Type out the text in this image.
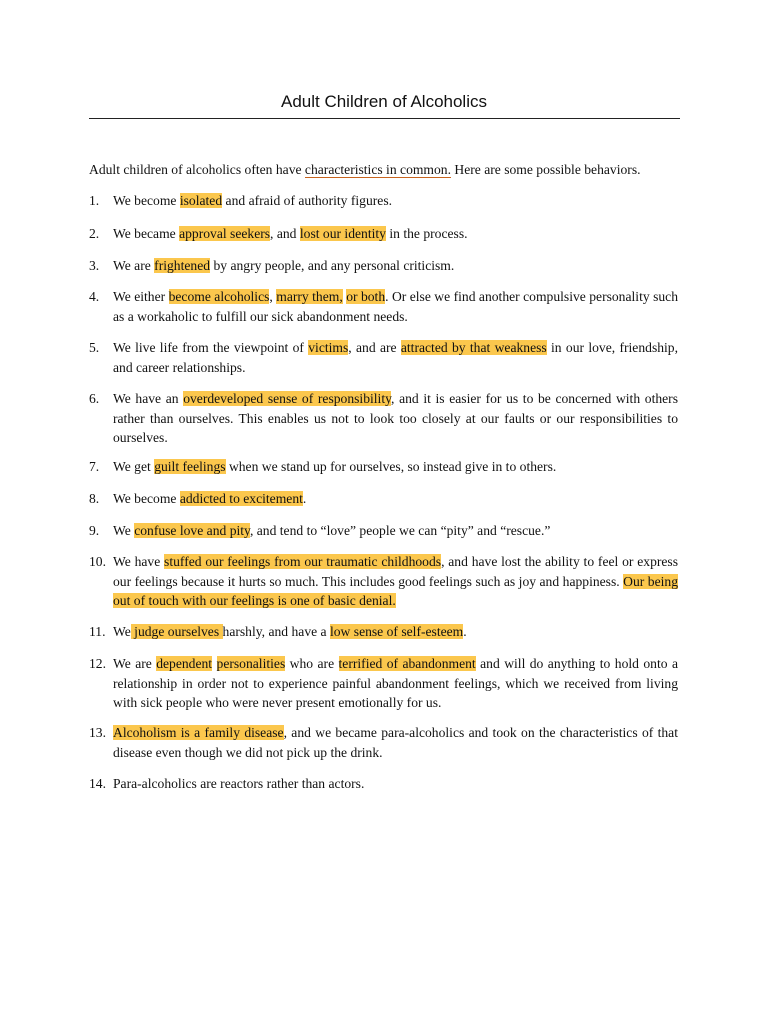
Adult Children of Alcoholics
Adult children of alcoholics often have characteristics in common. Here are some possible behaviors.
1.	We become isolated and afraid of authority figures.
2.	We became approval seekers, and lost our identity in the process.
3.	We are frightened by angry people, and any personal criticism.
4.	We either become alcoholics, marry them, or both. Or else we find another compulsive personality such as a workaholic to fulfill our sick abandonment needs.
5.	We live life from the viewpoint of victims, and are attracted by that weakness in our love, friendship, and career relationships.
6.	We have an overdeveloped sense of responsibility, and it is easier for us to be concerned with others rather than ourselves. This enables us not to look too closely at our faults or our responsibilities to ourselves.
7.	We get guilt feelings when we stand up for ourselves, so instead give in to others.
8.	We become addicted to excitement.
9.	We confuse love and pity, and tend to “love” people we can “pity” and “rescue.”
10. We have stuffed our feelings from our traumatic childhoods, and have lost the ability to feel or express our feelings because it hurts so much. This includes good feelings such as joy and happiness. Our being out of touch with our feelings is one of basic denial.
11. We judge ourselves harshly, and have a low sense of self-esteem.
12. We are dependent personalities who are terrified of abandonment and will do anything to hold onto a relationship in order not to experience painful abandonment feelings, which we received from living with sick people who were never present emotionally for us.
13. Alcoholism is a family disease, and we became para-alcoholics and took on the characteristics of that disease even though we did not pick up the drink.
14. Para-alcoholics are reactors rather than actors.
